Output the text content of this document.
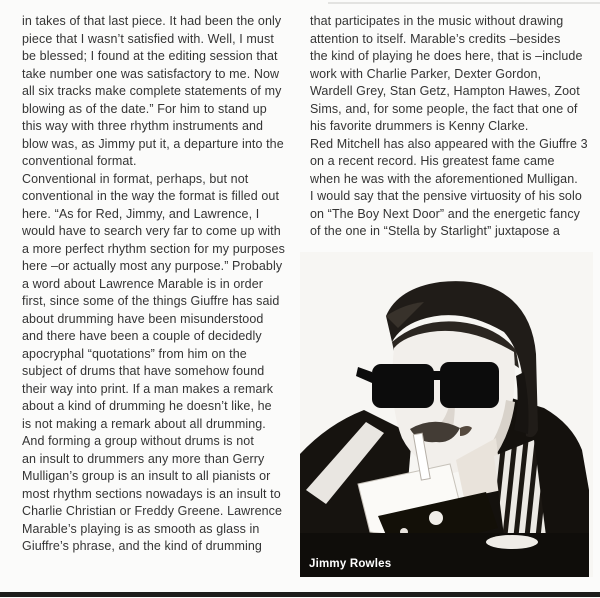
in takes of that last piece. It had been the only
piece that I wasn’t satisfied with. Well, I must
be blessed; I found at the editing session that
take number one was satisfactory to me. Now
all six tracks make complete statements of my
blowing as of the date.” For him to stand up
this way with three rhythm instruments and
blow was, as Jimmy put it, a departure into the
conventional format.
Conventional in format, perhaps, but not
conventional in the way the format is filled out
here. “As for Red, Jimmy, and Lawrence, I
would have to search very far to come up with
a more perfect rhythm section for my purposes
here –or actually most any purpose.” Probably
a word about Lawrence Marable is in order
first, since some of the things Giuffre has said
about drumming have been misunderstood
and there have been a couple of decidedly
apocryphal “quotations” from him on the
subject of drums that have somehow found
their way into print. If a man makes a remark
about a kind of drumming he doesn’t like, he
is not making a remark about all drumming.
And forming a group without drums is not
an insult to drummers any more than Gerry
Mulligan’s group is an insult to all pianists or
most rhythm sections nowadays is an insult to
Charlie Christian or Freddy Greene. Lawrence
Marable’s playing is as smooth as glass in
Giuffre’s phrase, and the kind of drumming
that participates in the music without drawing
attention to itself. Marable’s credits –besides
the kind of playing he does here, that is –include
work with Charlie Parker, Dexter Gordon,
Wardell Grey, Stan Getz, Hampton Hawes, Zoot
Sims, and, for some people, the fact that one of
his favorite drummers is Kenny Clarke.
Red Mitchell has also appeared with the Giuffre 3
on a recent record. His greatest fame came
when he was with the aforementioned Mulligan.
I would say that the pensive virtuosity of his solo
on “The Boy Next Door” and the energetic fancy
of the one in “Stella by Starlight” juxtapose a
Jimmy Rowles
